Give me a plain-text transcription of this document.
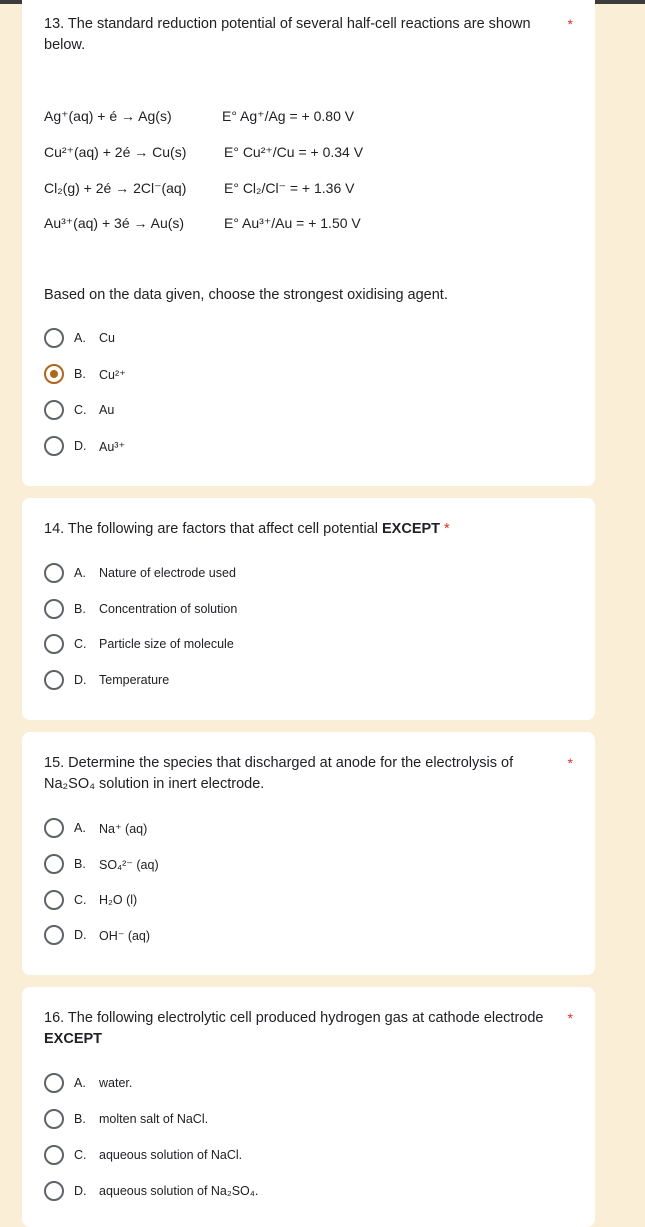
13. The standard reduction potential of several half-cell reactions are shown below.
*
Ag⁺(aq) + é → Ag(s)	E° Ag⁺/Ag = + 0.80 V
Cu²⁺(aq) + 2é → Cu(s)	E° Cu²⁺/Cu = + 0.34 V
Cl₂(g) + 2é → 2Cl⁻(aq)	E° Cl₂/Cl⁻ = + 1.36 V
Au³⁺(aq) + 3é → Au(s)	E° Au³⁺/Au = + 1.50 V
Based on the data given, choose the strongest oxidising agent.
A.	Cu
B.	Cu²⁺
C.	Au
D.	Au³⁺
14. The following are factors that affect cell potential EXCEPT *
A.	Nature of electrode used
B.	Concentration of solution
C.	Particle size of molecule
D.	Temperature
15. Determine the species that discharged at anode for the electrolysis of Na₂SO₄ solution in inert electrode.
*
A.	Na⁺ (aq)
B.	SO₄²⁻ (aq)
C.	H₂O (l)
D.	OH⁻ (aq)
16. The following electrolytic cell produced hydrogen gas at cathode electrode
EXCEPT
*
A.	water.
B.	molten salt of NaCl.
C.	aqueous solution of NaCl.
D.	aqueous solution of Na₂SO₄.
